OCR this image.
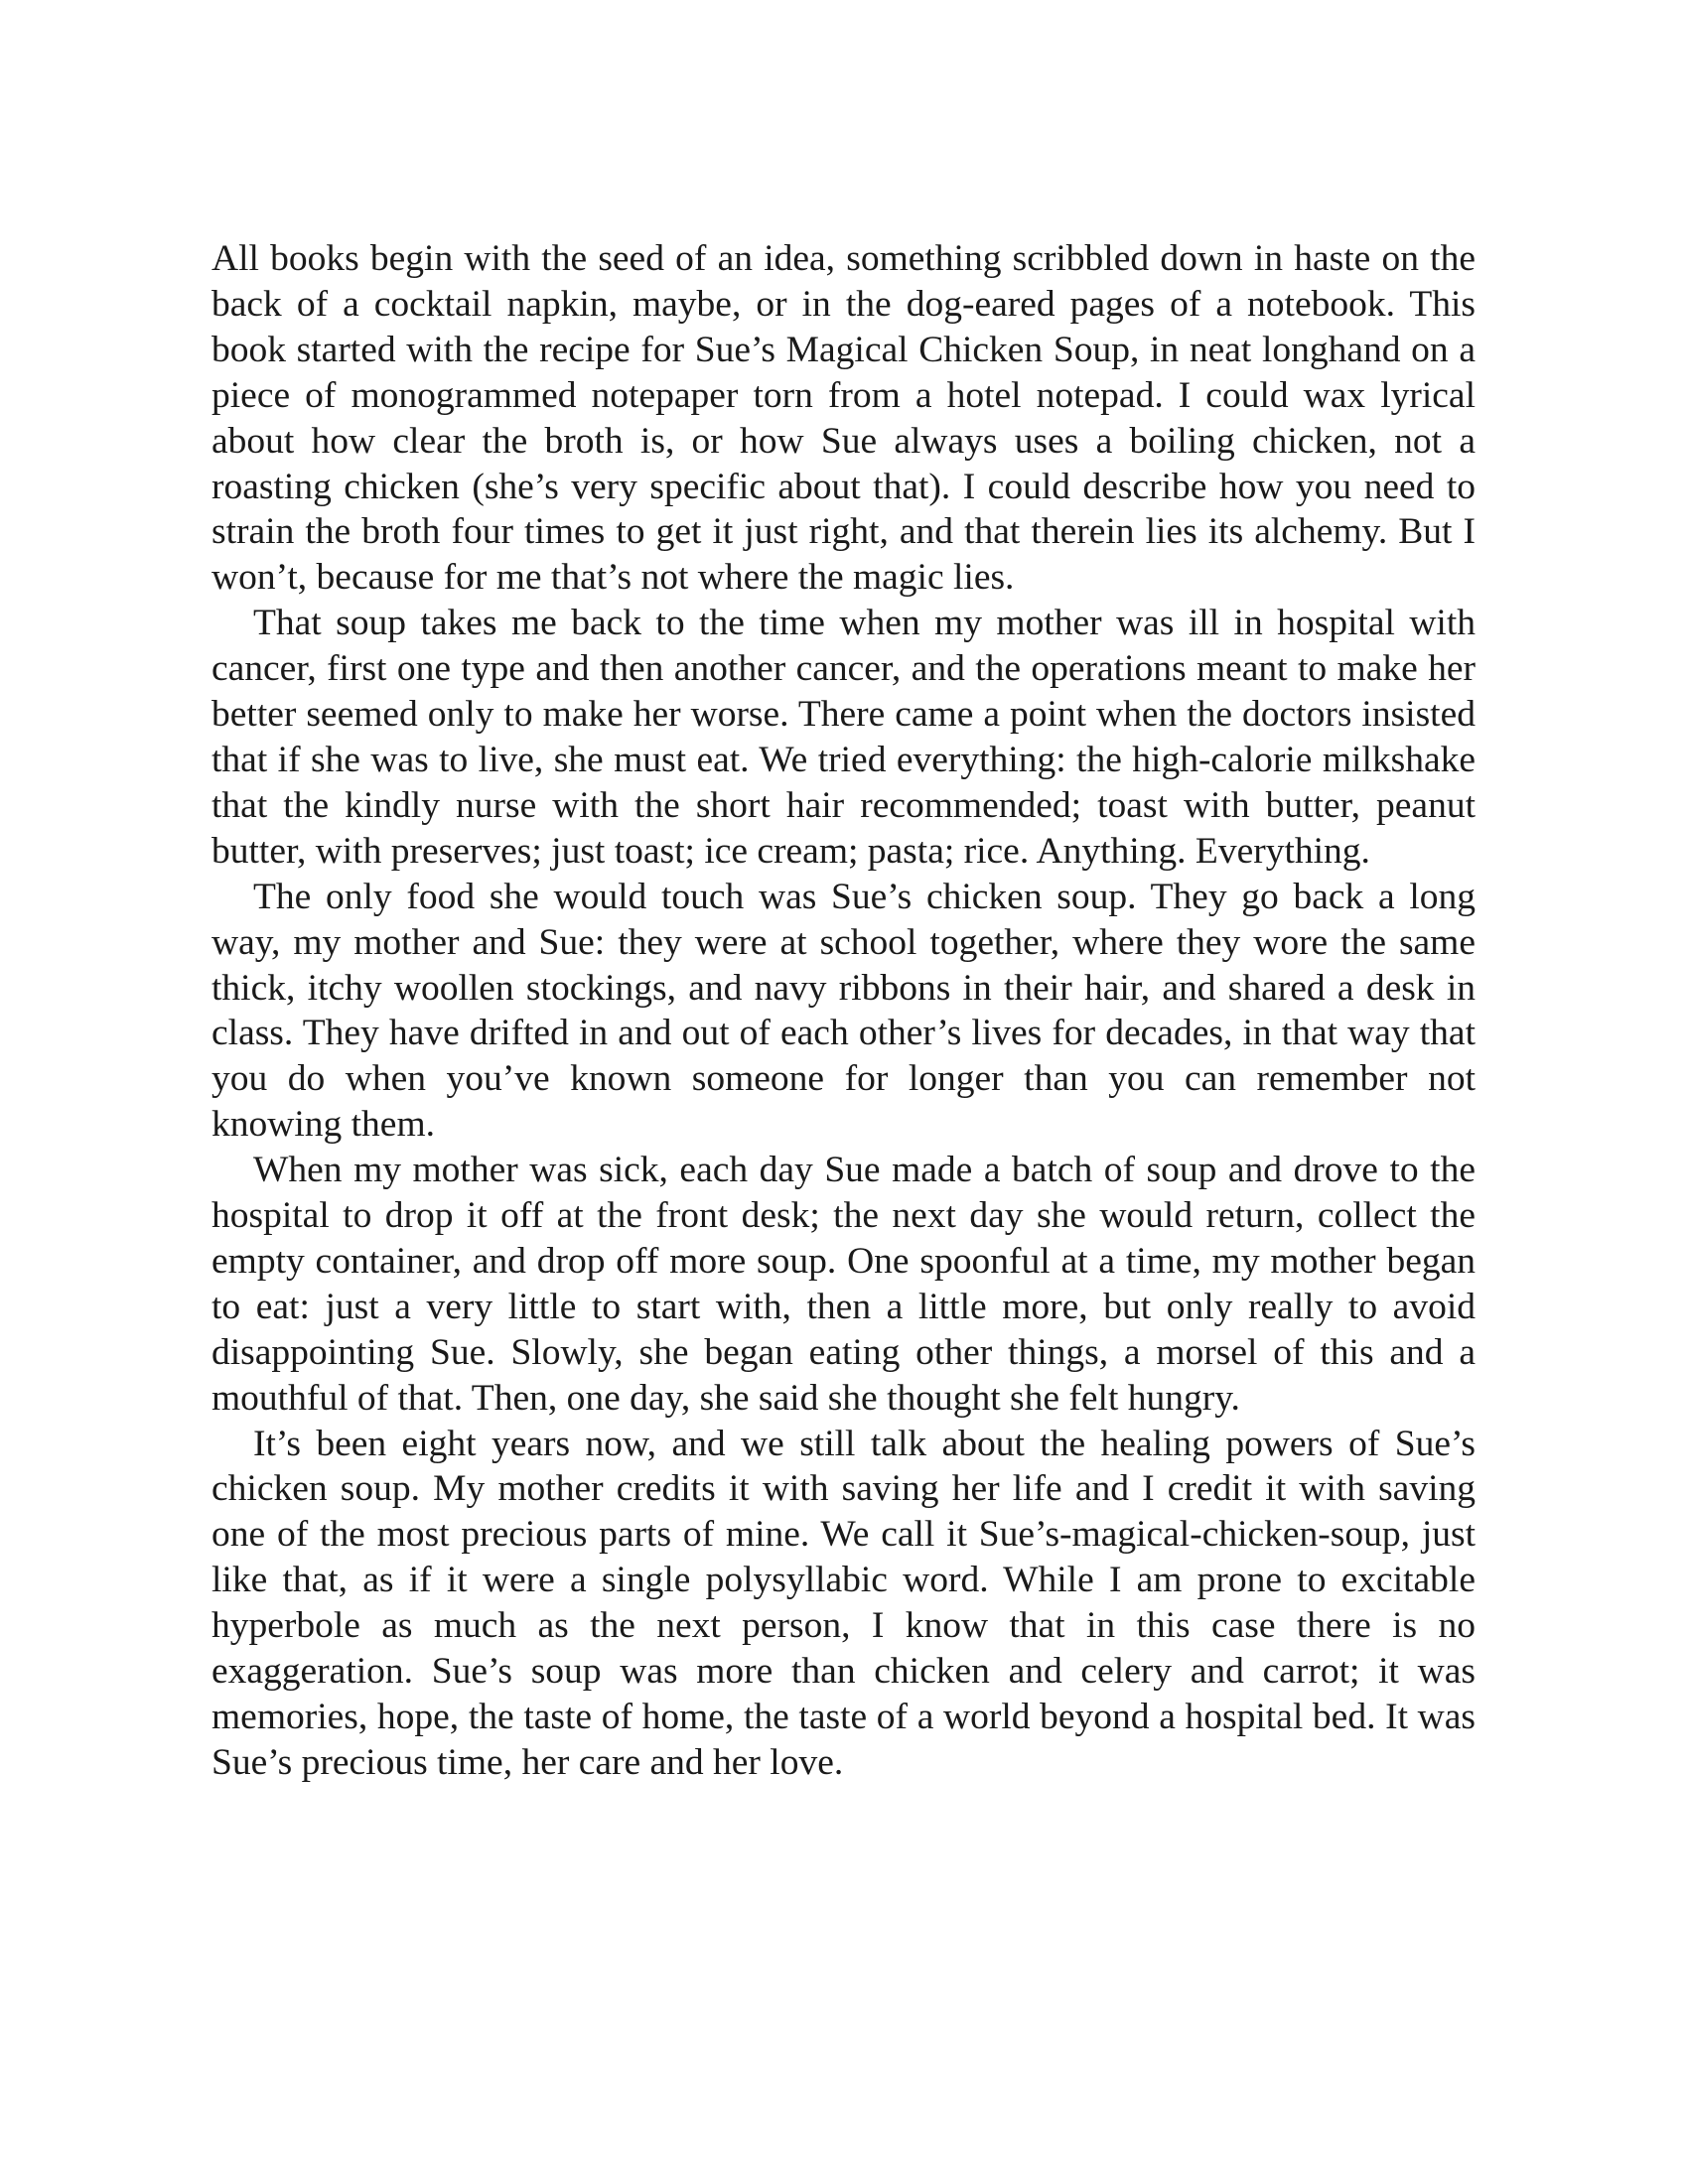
All books begin with the seed of an idea, something scribbled down in haste on the back of a cocktail napkin, maybe, or in the dog-eared pages of a notebook. This book started with the recipe for Sue’s Magical Chicken Soup, in neat longhand on a piece of monogrammed notepaper torn from a hotel notepad. I could wax lyrical about how clear the broth is, or how Sue always uses a boiling chicken, not a roasting chicken (she’s very specific about that). I could describe how you need to strain the broth four times to get it just right, and that therein lies its alchemy. But I won’t, because for me that’s not where the magic lies.

That soup takes me back to the time when my mother was ill in hospital with cancer, first one type and then another cancer, and the operations meant to make her better seemed only to make her worse. There came a point when the doctors insisted that if she was to live, she must eat. We tried everything: the high-calorie milkshake that the kindly nurse with the short hair recommended; toast with butter, peanut butter, with preserves; just toast; ice cream; pasta; rice. Anything. Everything.

The only food she would touch was Sue’s chicken soup. They go back a long way, my mother and Sue: they were at school together, where they wore the same thick, itchy woollen stockings, and navy ribbons in their hair, and shared a desk in class. They have drifted in and out of each other’s lives for decades, in that way that you do when you’ve known someone for longer than you can remember not knowing them.

When my mother was sick, each day Sue made a batch of soup and drove to the hospital to drop it off at the front desk; the next day she would return, collect the empty container, and drop off more soup. One spoonful at a time, my mother began to eat: just a very little to start with, then a little more, but only really to avoid disappointing Sue. Slowly, she began eating other things, a morsel of this and a mouthful of that. Then, one day, she said she thought she felt hungry.

It’s been eight years now, and we still talk about the healing powers of Sue’s chicken soup. My mother credits it with saving her life and I credit it with saving one of the most precious parts of mine. We call it Sue’s-magical-chicken-soup, just like that, as if it were a single polysyllabic word. While I am prone to excitable hyperbole as much as the next person, I know that in this case there is no exaggeration. Sue’s soup was more than chicken and celery and carrot; it was memories, hope, the taste of home, the taste of a world beyond a hospital bed. It was Sue’s precious time, her care and her love.
